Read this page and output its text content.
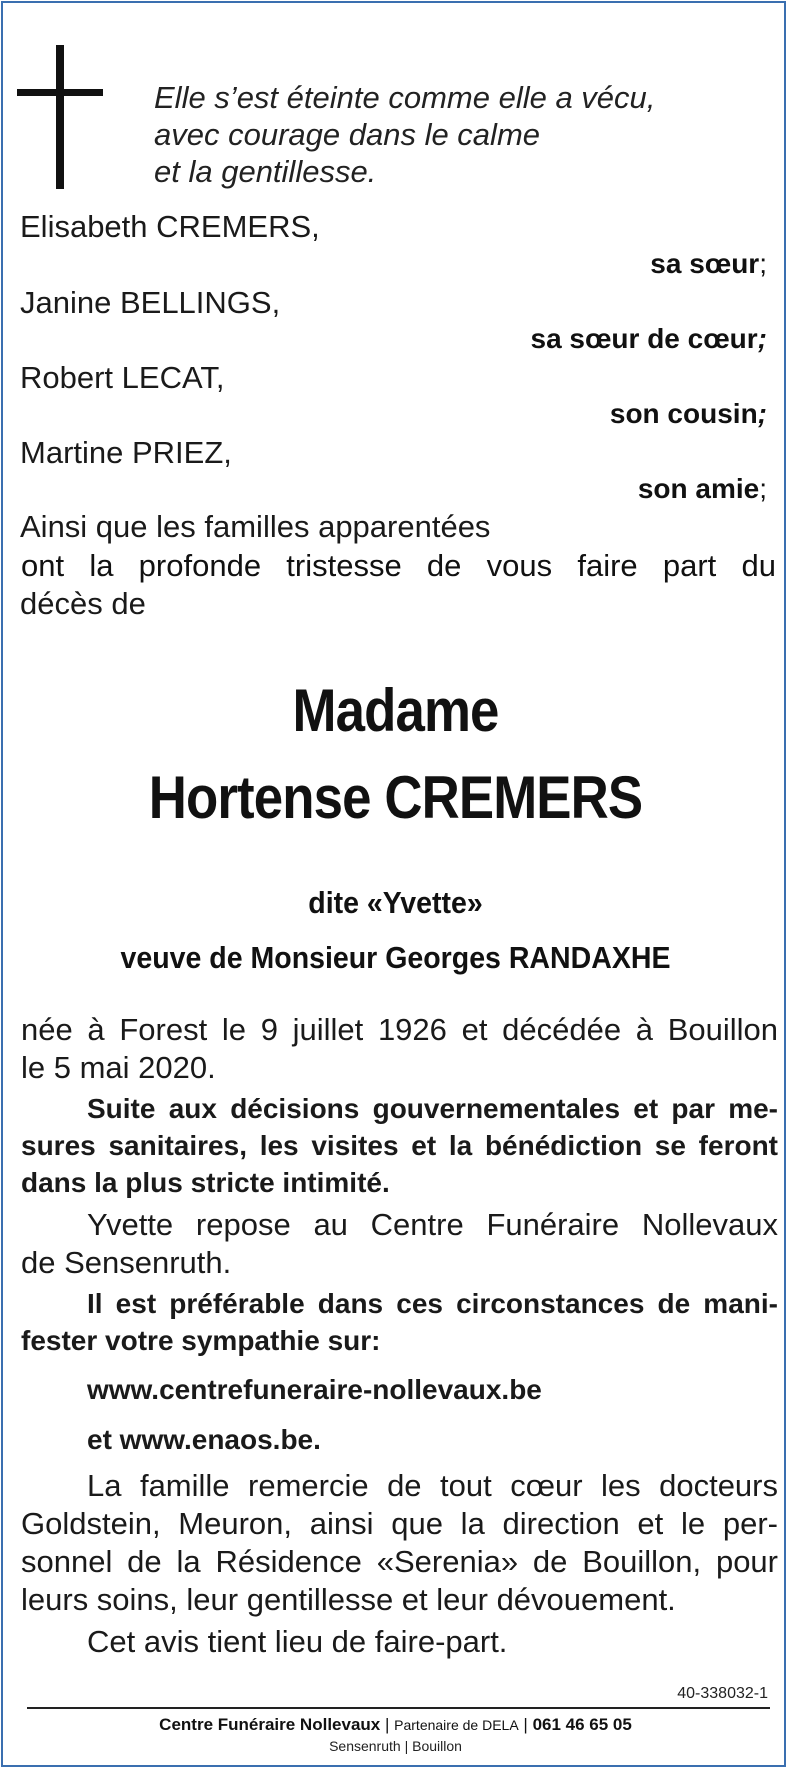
Elle s’est éteinte comme elle a vécu,
avec courage dans le calme
et la gentillesse.
Elisabeth CREMERS,
sa sœur;
Janine BELLINGS,
sa sœur de cœur;
Robert LECAT,
son cousin;
Martine PRIEZ,
son amie;
Ainsi que les familles apparentées
ont la profonde tristesse de vous faire part du
décès de
Madame
Hortense CREMERS
dite «Yvette»
veuve de Monsieur Georges RANDAXHE
née à Forest le 9 juillet 1926 et décédée à Bouillon
le 5 mai 2020.
Suite aux décisions gouvernementales et par me-
sures sanitaires, les visites et la bénédiction se feront
dans la plus stricte intimité.
Yvette repose au Centre Funéraire Nollevaux
de Sensenruth.
Il est préférable dans ces circonstances de mani-
fester votre sympathie sur:
www.centrefuneraire-nollevaux.be
et www.enaos.be.
La famille remercie de tout cœur les docteurs
Goldstein, Meuron, ainsi que la direction et le per-
sonnel de la Résidence «Serenia» de Bouillon, pour
leurs soins, leur gentillesse et leur dévouement.
Cet avis tient lieu de faire-part.
40-338032-1
Centre Funéraire Nollevaux | Partenaire de DELA | 061 46 65 05
Sensenruth | Bouillon
